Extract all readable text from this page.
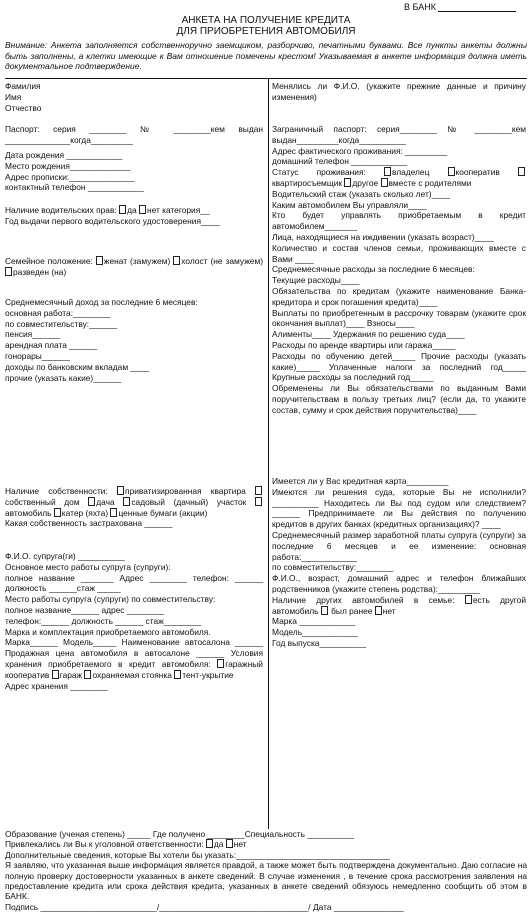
В БАНК
АНКЕТА НА ПОЛУЧЕНИЕ КРЕДИТА
ДЛЯ ПРИОБРЕТЕНИЯ АВТОМОБИЛЯ
Внимание: Анкета заполняется собственноручно заемщиком, разборчиво, печатными буквами. Все пункты анкеты должны быть заполнены, а клетки имеющие к Вам отношение помечены крестом! Указываемая в анкете информация должна иметь документальное подтверждение.

Фамилия

Имя

Отчество

Паспорт: серия ________ № ________кем выдан ______________когда_________

Дата рождения ____________

Место рождения_____________

Адрес прописки:______________

контактный телефон ____________

Наличие водительских прав: да нет категория__

Год выдачи первого водительского удостоверения____

Семейное положение: женат (замужем) холост (не замужем) разведен (на)

Среднемесячный доход за последние 6 месяцев:

основная работа:________

по совместительству:______

пенсия______

арендная плата ______

гонорары______

доходы по банковским вкладам ____

прочие (указать какие)______

Наличие собственности: приватизированная квартира собственный дом дача садовый (дачный) участок автомобиль катер (яхта) ценные бумаги (акции)

Какая собственность застрахована ______

Ф.И.О. супруга(ги) __________

Основное место работы супруга (супруги):

полное название _______ Адрес ________ телефон: ______ должность ______стаж _____

Место работы супруга (супруги) по совместительству:

полное название______ адрес ________

телефон:______ должность ______ стаж________

Марка и комплектация приобретаемого автомобиля.

Марка______ Модель_____ Наименование автосалона ______ Продажная цена автомобиля в автосалоне ______ Условия хранения приобретаемого в кредит автомобиля: гаражный кооператив гараж охраняемая стоянка тент-укрытие

Адрес хранения ________

Менялись ли Ф.И.О. (укажите прежние данные и причину изменения)

Заграничный паспорт: серия________ № ________кем выдан_________когда__________

Адрес фактического проживания: _________

домашний телефон ____________

Статус проживания: владелец кооператив квартиросъемщик другое вместе с родителями

Водительский стаж (указать сколько лет)____

Каким автомобилем Вы управляли____

Кто будет управлять приобретаемым в кредит автомобилем_______

Лица, находящиеся на иждивении (указать возраст)____

Количество и состав членов семьи, проживающих вместе с Вами ____

Среднемесячные расходы за последние 6 месяцев:

Текущие расходы____

Обязательства по кредитам (укажите наименование Банка-кредитора и срок погашения кредита)____

Выплаты по приобретенным в рассрочку товарам (укажите срок окончания выплат)____ Взносы____

Алименты____ Удержания по решению суда____

Расходы по аренде квартиры или гаража_____

Расходы по обучению детей_____ Прочие расходы (указать какие)_____ Уплаченные налоги за последний год_____ Крупные расходы за последний год_____

Обременены ли Вы обязательствами по выданным Вами поручительствам в пользу третьих лиц? (если да, то укажите состав, сумму и срок действия поручительства)____

Имеется ли у Вас кредитная карта_________

Имеются ли решения суда, которые Вы не исполнили?__________ Находитесь ли Вы под судом или следствием? ______ Предпринимаете ли Вы действия по получению кредитов в других банках (кредитных организациях)? ____

Среднемесячный размер заработной платы супруга (супруги) за последние 6 месяцев и ее изменение: основная работа:____________

по совместительству:________

Ф.И.О., возраст, домашний адрес и телефон ближайших родственников (укажите степень родства):_________

Наличие других автомобилей в семье: есть другой автомобиль  был ранее нет

Марка ____________

Модель____________

Год выпуска__________

Образование (ученая степень) _____ Где получено ________Специальность __________

Привлекались ли Вы к уголовной ответственности: да нет

Дополнительные сведения, которые Вы хотели бы указать:_________________________________

Я заявляю, что указанная выше информация является правдой, а также может быть подтверждена документально. Даю согласие на полную проверку достоверности указанных в анкете сведений. В случае изменения , в течение срока рассмотрения заявления на предоставление кредита или срока действия кредита, указанных в анкете сведений обязуюсь немедленно сообщить об этом в БАНК.

Подпись _________________________/________________________________/ Дата _______________
